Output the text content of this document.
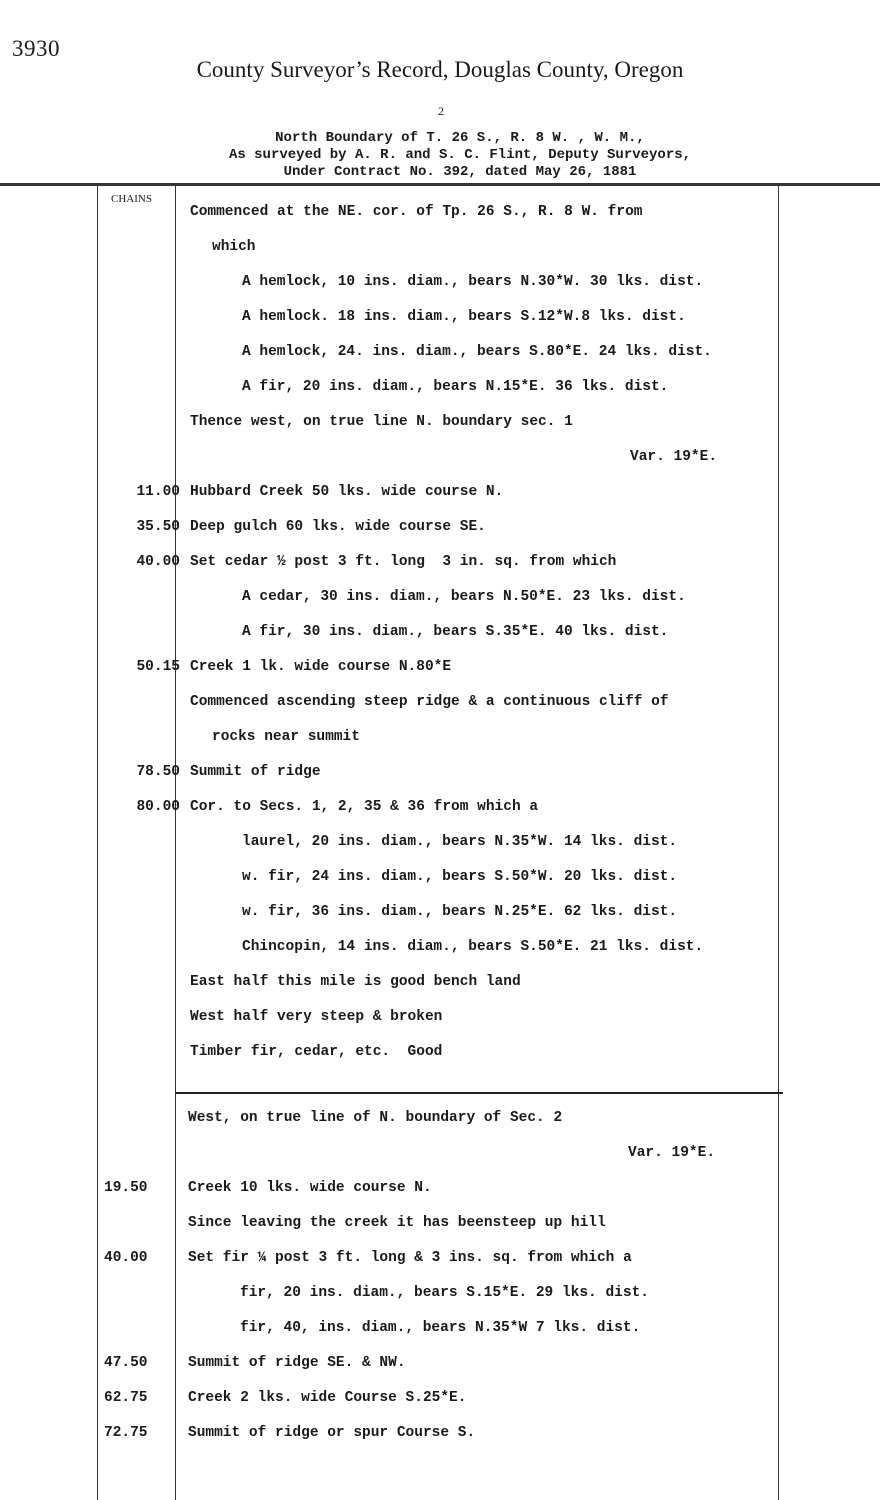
3930
County Surveyor’s Record, Douglas County, Oregon
2
North Boundary of T. 26 S., R. 8 W. , W. M.,
As surveyed by A. R. and S. C. Flint, Deputy Surveyors,
Under Contract No. 392, dated May 26, 1881
CHAINS
Commenced at the NE. cor. of Tp. 26 S., R. 8 W. from
which
A hemlock, 10 ins. diam., bears N.30*W. 30 lks. dist.
A hemlock. 18 ins. diam., bears S.12*W.8 lks. dist.
A hemlock, 24. ins. diam., bears S.80*E. 24 lks. dist.
A fir, 20 ins. diam., bears N.15*E. 36 lks. dist.
Thence west, on true line N. boundary sec. 1
Var. 19*E.
11.00 Hubbard Creek 50 lks. wide course N.
35.50 Deep gulch 60 lks. wide course SE.
40.00 Set cedar ½ post 3 ft. long  3 in. sq. from which
A cedar, 30 ins. diam., bears N.50*E. 23 lks. dist.
A fir, 30 ins. diam., bears S.35*E. 40 lks. dist.
50.15 Creek 1 lk. wide course N.80*E
Commenced ascending steep ridge & a continuous cliff of
rocks near summit
78.50 Summit of ridge
80.00 Cor. to Secs. 1, 2, 35 & 36 from which a
laurel, 20 ins. diam., bears N.35*W. 14 lks. dist.
w. fir, 24 ins. diam., bears S.50*W. 20 lks. dist.
w. fir, 36 ins. diam., bears N.25*E. 62 lks. dist.
Chincopin, 14 ins. diam., bears S.50*E. 21 lks. dist.
East half this mile is good bench land
West half very steep & broken
Timber fir, cedar, etc.  Good
West, on true line of N. boundary of Sec. 2
Var. 19*E.
19.50	Creek 10 lks. wide course N.
Since leaving the creek it has beensteep up hill
40.00	Set fir ¼ post 3 ft. long & 3 ins. sq. from which a
fir, 20 ins. diam., bears S.15*E. 29 lks. dist.
fir, 40, ins. diam., bears N.35*W 7 lks. dist.
47.50	Summit of ridge SE. & NW.
62.75	Creek 2 lks. wide Course S.25*E.
72.75	Summit of ridge or spur Course S.
